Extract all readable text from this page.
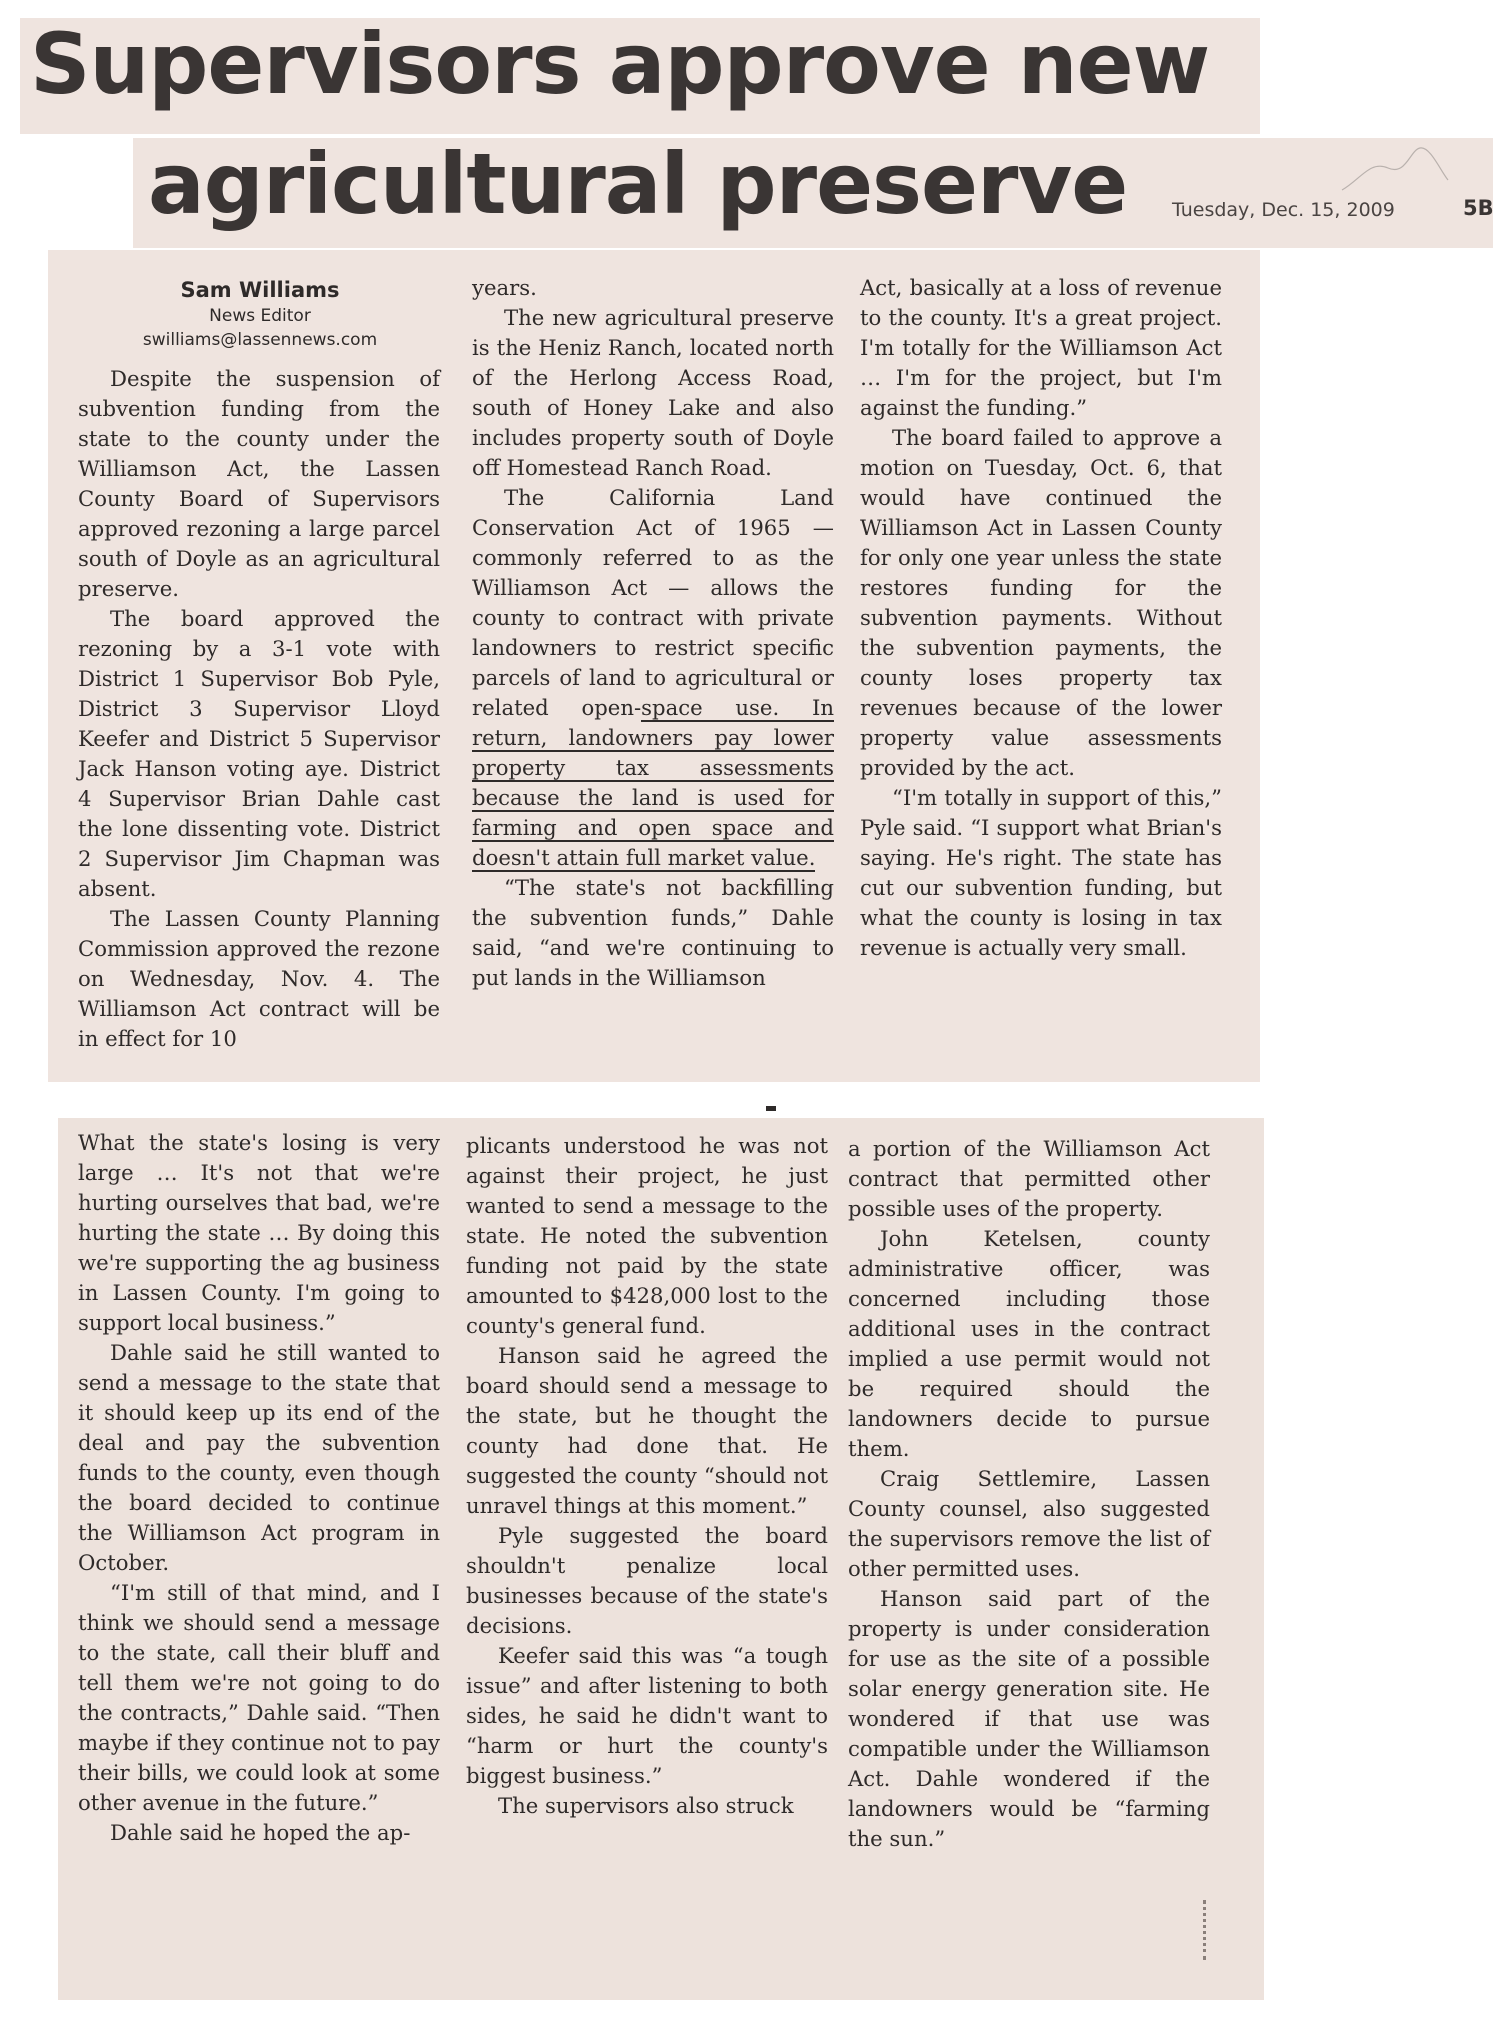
Supervisors approve new
agricultural preserve Tuesday, Dec. 15, 2009	5B
Sam Williams
News Editor
swilliams@lassennews.com

Despite the suspension of subvention funding from the state to the county under the Williamson Act, the Lassen County Board of Supervisors approved rezoning a large parcel south of Doyle as an agricultural preserve.

The board approved the rezoning by a 3-1 vote with District 1 Supervisor Bob Pyle, District 3 Supervisor Lloyd Keefer and District 5 Supervisor Jack Hanson voting aye. District 4 Supervisor Brian Dahle cast the lone dissenting vote. District 2 Supervisor Jim Chapman was absent.

The Lassen County Planning Commission approved the rezone on Wednesday, Nov. 4. The Williamson Act contract will be in effect for 10

years.

The new agricultural preserve is the Heniz Ranch, located north of the Herlong Access Road, south of Honey Lake and also includes property south of Doyle off Homestead Ranch Road.

The California Land Conservation Act of 1965 — commonly referred to as the Williamson Act — allows the county to contract with private landowners to restrict specific parcels of land to agricultural or related open-space use. In return, landowners pay lower property tax assessments because the land is used for farming and open space and doesn't attain full market value.

“The state's not backfilling the subvention funds,” Dahle said, “and we're continuing to put lands in the Williamson

Act, basically at a loss of revenue to the county. It's a great project. I'm totally for the Williamson Act … I'm for the project, but I'm against the funding.”

The board failed to approve a motion on Tuesday, Oct. 6, that would have continued the Williamson Act in Lassen County for only one year unless the state restores funding for the subvention payments. Without the subvention payments, the county loses property tax revenues because of the lower property value assessments provided by the act.

“I'm totally in support of this,” Pyle said. “I support what Brian's saying. He's right. The state has cut our subvention funding, but what the county is losing in tax revenue is actually very small.

What the state's losing is very large … It's not that we're hurting ourselves that bad, we're hurting the state … By doing this we're supporting the ag business in Lassen County. I'm going to support local business.”

Dahle said he still wanted to send a message to the state that it should keep up its end of the deal and pay the subvention funds to the county, even though the board decided to continue the Williamson Act program in October.

“I'm still of that mind, and I think we should send a message to the state, call their bluff and tell them we're not going to do the contracts,” Dahle said. “Then maybe if they continue not to pay their bills, we could look at some other avenue in the future.”

Dahle said he hoped the ap-

plicants understood he was not against their project, he just wanted to send a message to the state. He noted the subvention funding not paid by the state amounted to $428,000 lost to the county's general fund.

Hanson said he agreed the board should send a message to the state, but he thought the county had done that. He suggested the county “should not unravel things at this moment.”

Pyle suggested the board shouldn't penalize local businesses because of the state's decisions.

Keefer said this was “a tough issue” and after listening to both sides, he said he didn't want to “harm or hurt the county's biggest business.”

The supervisors also struck

a portion of the Williamson Act contract that permitted other possible uses of the property.

John Ketelsen, county administrative officer, was concerned including those additional uses in the contract implied a use permit would not be required should the landowners decide to pursue them.

Craig Settlemire, Lassen County counsel, also suggested the supervisors remove the list of other permitted uses.

Hanson said part of the property is under consideration for use as the site of a possible solar energy generation site. He wondered if that use was compatible under the Williamson Act. Dahle wondered if the landowners would be “farming the sun.”
